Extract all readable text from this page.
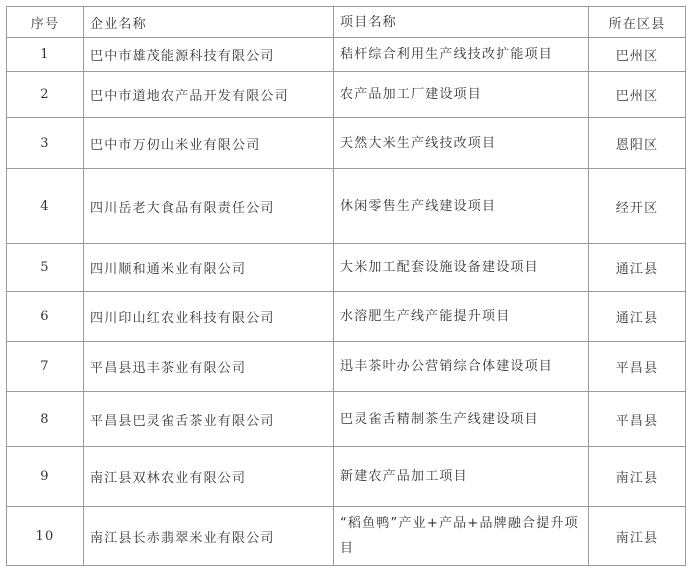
序号	企业名称	项目名称	所在区县
1	巴中市雄茂能源科技有限公司	秸杆综合利用生产线技改扩能项目	巴州区
2	巴中市道地农产品开发有限公司	农产品加工厂建设项目	巴州区
3	巴中市万仞山米业有限公司	天然大米生产线技改项目	恩阳区
4	四川岳老大食品有限责任公司	休闲零售生产线建设项目	经开区
5	四川顺和通米业有限公司	大米加工配套设施设备建设项目	通江县
6	四川印山红农业科技有限公司	水溶肥生产线产能提升项目	通江县
7	平昌县迅丰茶业有限公司	迅丰茶叶办公营销综合体建设项目	平昌县
8	平昌县巴灵雀舌茶业有限公司	巴灵雀舌精制茶生产线建设项目	平昌县
9	南江县双林农业有限公司	新建农产品加工项目	南江县
10	南江县长赤翡翠米业有限公司	“稻鱼鸭”产业+产品+品牌融合提升项目	南江县
